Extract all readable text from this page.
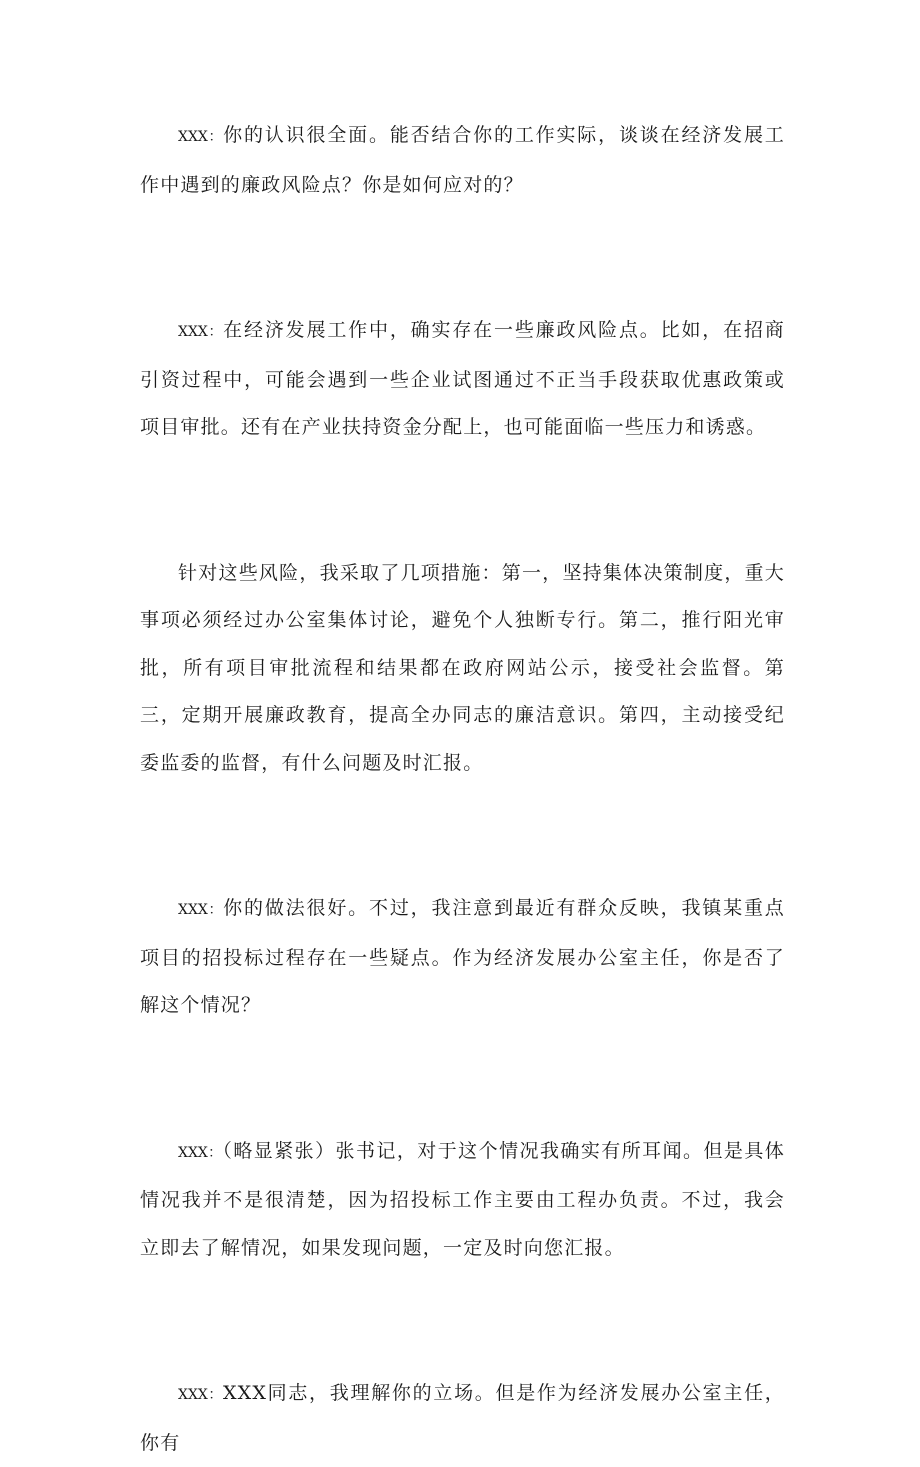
XXX：你的认识很全面。能否结合你的工作实际，谈谈在经济发展工作中遇到的廉政风险点？你是如何应对的？

XXX：在经济发展工作中，确实存在一些廉政风险点。比如，在招商引资过程中，可能会遇到一些企业试图通过不正当手段获取优惠政策或项目审批。还有在产业扶持资金分配上，也可能面临一些压力和诱惑。

针对这些风险，我采取了几项措施：第一，坚持集体决策制度，重大事项必须经过办公室集体讨论，避免个人独断专行。第二，推行阳光审批，所有项目审批流程和结果都在政府网站公示，接受社会监督。第三，定期开展廉政教育，提高全办同志的廉洁意识。第四，主动接受纪委监委的监督，有什么问题及时汇报。

XXX：你的做法很好。不过，我注意到最近有群众反映，我镇某重点项目的招投标过程存在一些疑点。作为经济发展办公室主任，你是否了解这个情况？

XXX：（略显紧张）张书记，对于这个情况我确实有所耳闻。但是具体情况我并不是很清楚，因为招投标工作主要由工程办负责。不过，我会立即去了解情况，如果发现问题，一定及时向您汇报。

XXX：XXX同志，我理解你的立场。但是作为经济发展办公室主任，你有
